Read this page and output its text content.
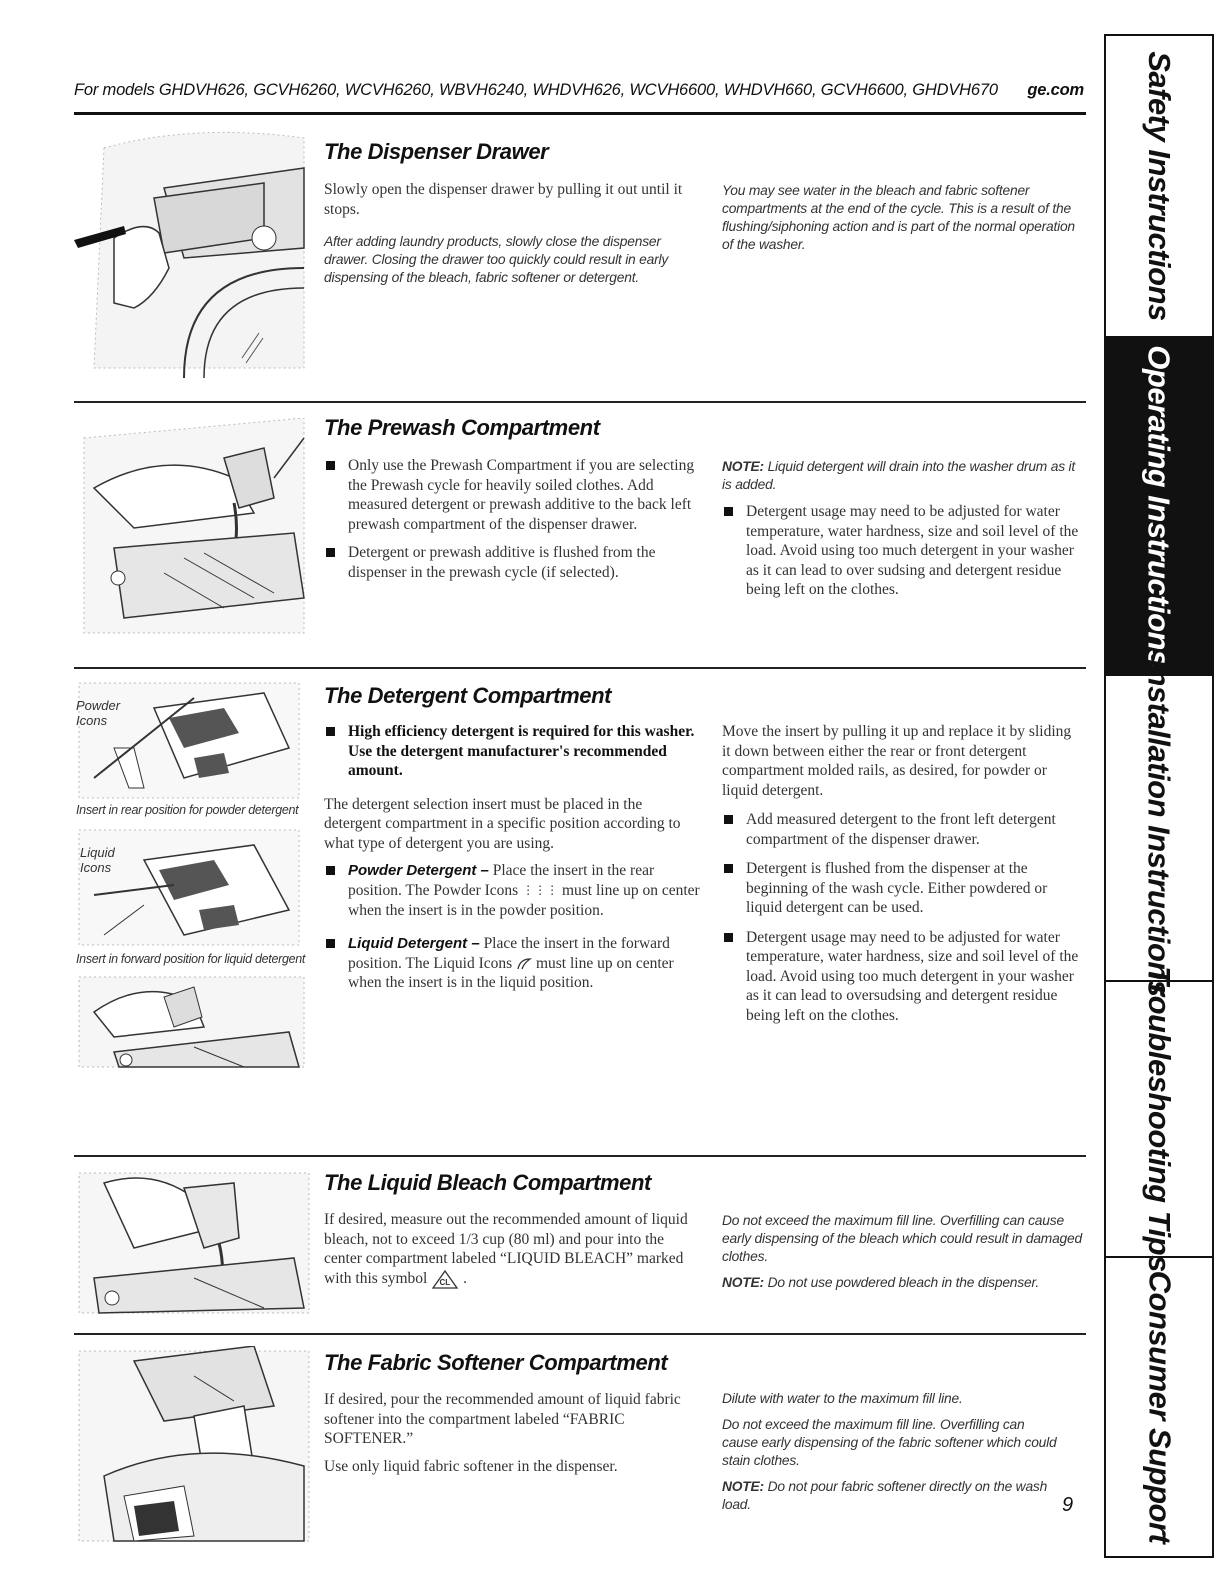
For models GHDVH626, GCVH6260, WCVH6260, WBVH6240, WHDVH626, WCVH6600, WHDVH660, GCVH6600, GHDVH670 ge.com Safety Instructions
Operating Instructions
Installation Instructions
Troubleshooting Tips
Consumer Support
The Dispenser Drawer

Slowly open the dispenser drawer by pulling it out until it stops.

After adding laundry products, slowly close the dispenser drawer. Closing the drawer too quickly could result in early dispensing of the bleach, fabric softener or detergent.

You may see water in the bleach and fabric softener compartments at the end of the cycle. This is a result of the flushing/siphoning action and is part of the normal operation of the washer.

The Prewash Compartment
Only use the Prewash Compartment if you are selecting the Prewash cycle for heavily soiled clothes. Add measured detergent or prewash additive to the back left prewash compartment of the dispenser drawer.
Detergent or prewash additive is flushed from the dispenser in the prewash cycle (if selected).

NOTE: Liquid detergent will drain into the washer drum as it is added.

Detergent usage may need to be adjusted for water temperature, water hardness, size and soil level of the load. Avoid using too much detergent in your washer as it can lead to over sudsing and detergent residue being left on the clothes.
Powder Icons
Insert in rear position for powder detergent
Liquid Icons
Insert in forward position for liquid detergent
The Detergent Compartment
High efficiency detergent is required for this washer. Use the detergent manufacturer's recommended amount.

The detergent selection insert must be placed in the detergent compartment in a specific position according to what type of detergent you are using.

Powder Detergent – Place the insert in the rear position. The Powder Icons ⋮⋮⋮ must line up on center when the insert is in the powder position.
Liquid Detergent – Place the insert in the forward position. The Liquid Icons must line up on center when the insert is in the liquid position.

Move the insert by pulling it up and replace it by sliding it down between either the rear or front detergent compartment molded rails, as desired, for powder or liquid detergent.

Add measured detergent to the front left detergent compartment of the dispenser drawer.
Detergent is flushed from the dispenser at the beginning of the wash cycle. Either powdered or liquid detergent can be used.
Detergent usage may need to be adjusted for water temperature, water hardness, size and soil level of the load. Avoid using too much detergent in your washer as it can lead to oversudsing and detergent residue being left on the clothes.
The Liquid Bleach Compartment

If desired, measure out the recommended amount of liquid bleach, not to exceed 1/3 cup (80 ml) and pour into the center compartment labeled “LIQUID BLEACH” marked with this symbol CL .

Do not exceed the maximum fill line. Overfilling can cause early dispensing of the bleach which could result in damaged clothes.

NOTE: Do not use powdered bleach in the dispenser.

The Fabric Softener Compartment

If desired, pour the recommended amount of liquid fabric softener into the compartment labeled “FABRIC SOFTENER.”

Use only liquid fabric softener in the dispenser.

Dilute with water to the maximum fill line.

Do not exceed the maximum fill line. Overfilling can cause early dispensing of the fabric softener which could stain clothes.

NOTE: Do not pour fabric softener directly on the wash load.	9
